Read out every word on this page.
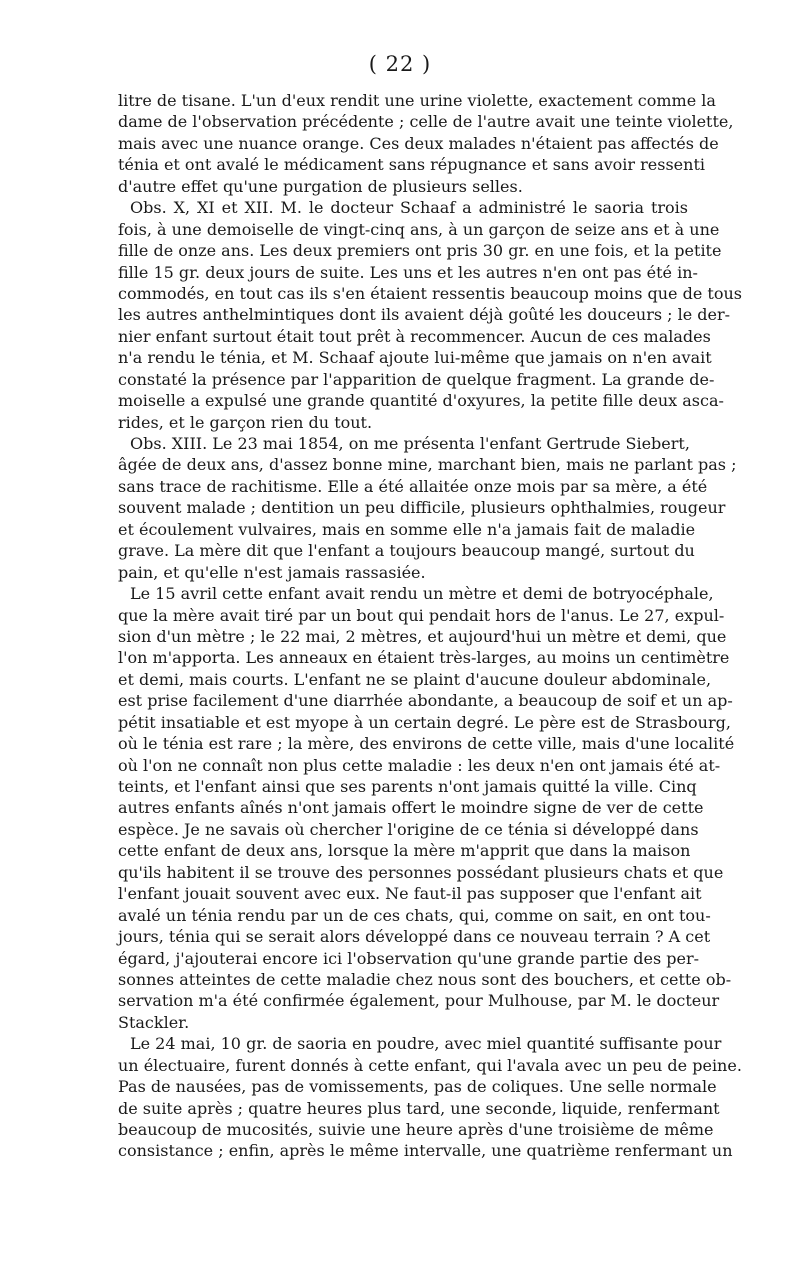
( 22 )
litre de tisane. L'un d'eux rendit une urine violette, exactement comme la
dame de l'observation précédente ; celle de l'autre avait une teinte violette,
mais avec une nuance orange. Ces deux malades n'étaient pas affectés de
ténia et ont avalé le médicament sans répugnance et sans avoir ressenti
d'autre effet qu'une purgation de plusieurs selles.
Obs. X, XI et XII. M. le docteur Schaaf a administré le saoria trois
fois, à une demoiselle de vingt-cinq ans, à un garçon de seize ans et à une
fille de onze ans. Les deux premiers ont pris 30 gr. en une fois, et la petite
fille 15 gr. deux jours de suite. Les uns et les autres n'en ont pas été in-
commodés, en tout cas ils s'en étaient ressentis beaucoup moins que de tous
les autres anthelmintiques dont ils avaient déjà goûté les douceurs ; le der-
nier enfant surtout était tout prêt à recommencer. Aucun de ces malades
n'a rendu le ténia, et M. Schaaf ajoute lui-même que jamais on n'en avait
constaté la présence par l'apparition de quelque fragment. La grande de-
moiselle a expulsé une grande quantité d'oxyures, la petite fille deux asca-
rides, et le garçon rien du tout.
Obs. XIII. Le 23 mai 1854, on me présenta l'enfant Gertrude Siebert,
âgée de deux ans, d'assez bonne mine, marchant bien, mais ne parlant pas ;
sans trace de rachitisme. Elle a été allaitée onze mois par sa mère, a été
souvent malade ; dentition un peu difficile, plusieurs ophthalmies, rougeur
et écoulement vulvaires, mais en somme elle n'a jamais fait de maladie
grave. La mère dit que l'enfant a toujours beaucoup mangé, surtout du
pain, et qu'elle n'est jamais rassasiée.
Le 15 avril cette enfant avait rendu un mètre et demi de botryocéphale,
que la mère avait tiré par un bout qui pendait hors de l'anus. Le 27, expul-
sion d'un mètre ; le 22 mai, 2 mètres, et aujourd'hui un mètre et demi, que
l'on m'apporta. Les anneaux en étaient très-larges, au moins un centimètre
et demi, mais courts. L'enfant ne se plaint d'aucune douleur abdominale,
est prise facilement d'une diarrhée abondante, a beaucoup de soif et un ap-
pétit insatiable et est myope à un certain degré. Le père est de Strasbourg,
où le ténia est rare ; la mère, des environs de cette ville, mais d'une localité
où l'on ne connaît non plus cette maladie : les deux n'en ont jamais été at-
teints, et l'enfant ainsi que ses parents n'ont jamais quitté la ville. Cinq
autres enfants aînés n'ont jamais offert le moindre signe de ver de cette
espèce. Je ne savais où chercher l'origine de ce ténia si développé dans
cette enfant de deux ans, lorsque la mère m'apprit que dans la maison
qu'ils habitent il se trouve des personnes possédant plusieurs chats et que
l'enfant jouait souvent avec eux. Ne faut-il pas supposer que l'enfant ait
avalé un ténia rendu par un de ces chats, qui, comme on sait, en ont tou-
jours, ténia qui se serait alors développé dans ce nouveau terrain ? A cet
égard, j'ajouterai encore ici l'observation qu'une grande partie des per-
sonnes atteintes de cette maladie chez nous sont des bouchers, et cette ob-
servation m'a été confirmée également, pour Mulhouse, par M. le docteur
Stackler.
Le 24 mai, 10 gr. de saoria en poudre, avec miel quantité suffisante pour
un électuaire, furent donnés à cette enfant, qui l'avala avec un peu de peine.
Pas de nausées, pas de vomissements, pas de coliques. Une selle normale
de suite après ; quatre heures plus tard, une seconde, liquide, renfermant
beaucoup de mucosités, suivie une heure après d'une troisième de même
consistance ; enfin, après le même intervalle, une quatrième renfermant un
